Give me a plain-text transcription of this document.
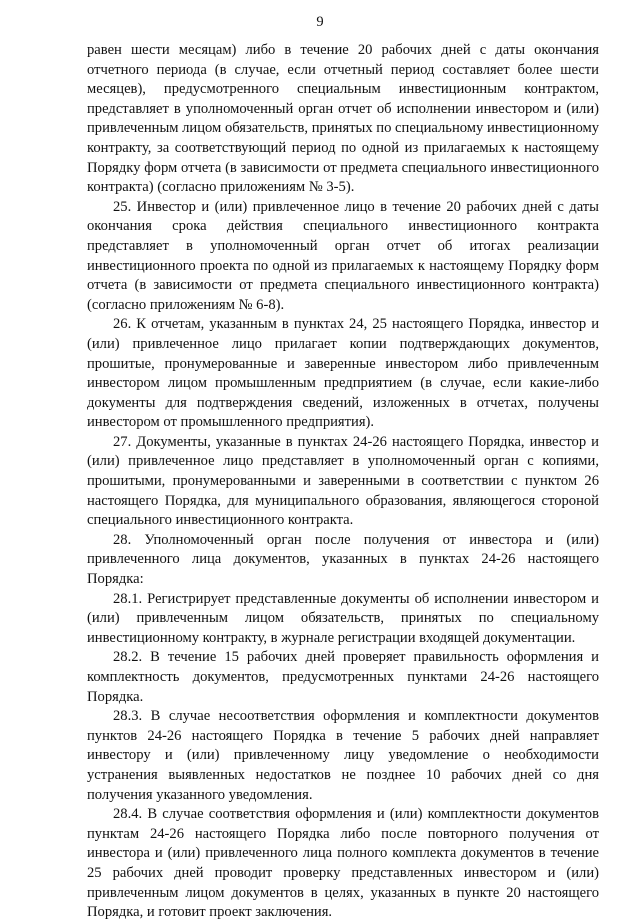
9

равен шести месяцам) либо в течение 20 рабочих дней с даты окончания отчетного периода (в случае, если отчетный период составляет более шести месяцев), предусмотренного специальным инвестиционным контрактом, представляет в уполномоченный орган отчет об исполнении инвестором и (или) привлеченным лицом обязательств, принятых по специальному инвестиционному контракту, за соответствующий период по одной из прилагаемых к настоящему Порядку форм отчета (в зависимости от предмета специального инвестиционного контракта) (согласно приложениям № 3-5).

25. Инвестор и (или) привлеченное лицо в течение 20 рабочих дней с даты окончания срока действия специального инвестиционного контракта представляет в уполномоченный орган отчет об итогах реализации инвестиционного проекта по одной из прилагаемых к настоящему Порядку форм отчета (в зависимости от предмета специального инвестиционного контракта) (согласно приложениям № 6-8).

26. К отчетам, указанным в пунктах 24, 25 настоящего Порядка, инвестор и (или) привлеченное лицо прилагает копии подтверждающих документов, прошитые, пронумерованные и заверенные инвестором либо привлеченным инвестором лицом промышленным предприятием (в случае, если какие-либо документы для подтверждения сведений, изложенных в отчетах, получены инвестором от промышленного предприятия).

27. Документы, указанные в пунктах 24-26 настоящего Порядка, инвестор и (или) привлеченное лицо представляет в уполномоченный орган с копиями, прошитыми, пронумерованными и заверенными в соответствии с пунктом 26 настоящего Порядка, для муниципального образования, являющегося стороной специального инвестиционного контракта.

28. Уполномоченный орган после получения от инвестора и (или) привлеченного лица документов, указанных в пунктах 24-26 настоящего Порядка:

28.1. Регистрирует представленные документы об исполнении инвестором и (или) привлеченным лицом обязательств, принятых по специальному инвестиционному контракту, в журнале регистрации входящей документации.

28.2. В течение 15 рабочих дней проверяет правильность оформления и комплектность документов, предусмотренных пунктами 24-26 настоящего Порядка.

28.3. В случае несоответствия оформления и комплектности документов пунктов 24-26 настоящего Порядка в течение 5 рабочих дней направляет инвестору и (или) привлеченному лицу уведомление о необходимости устранения выявленных недостатков не позднее 10 рабочих дней со дня получения указанного уведомления.

28.4. В случае соответствия оформления и (или) комплектности документов пунктам 24-26 настоящего Порядка либо после повторного получения от инвестора и (или) привлеченного лица полного комплекта документов в течение 25 рабочих дней проводит проверку представленных инвестором и (или) привлеченным лицом документов в целях, указанных в пункте 20 настоящего Порядка, и готовит проект заключения.
